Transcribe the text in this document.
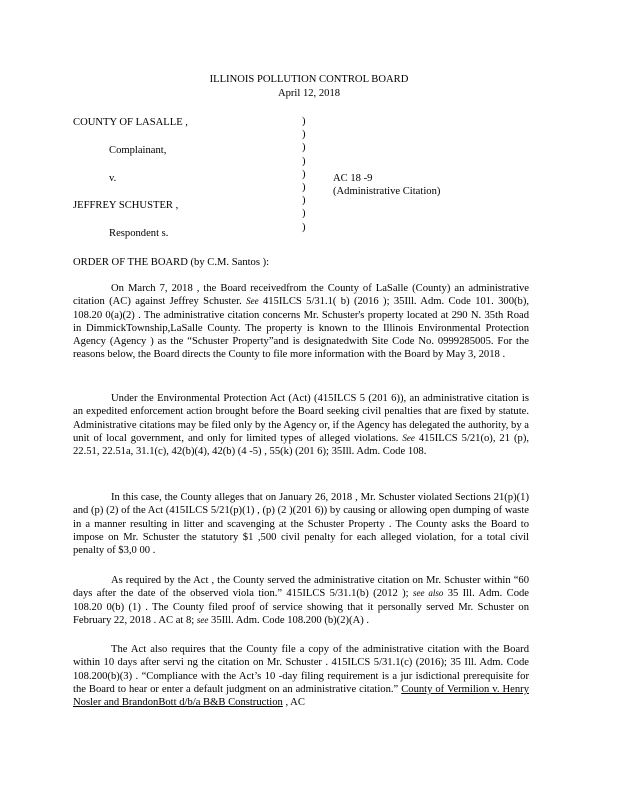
ILLINOIS POLLUTION CONTROL BOARD
April 12, 2018
COUNTY OF LASALLE ,
Complainant,
v.
JEFFREY SCHUSTER ,
Respondent s.
)
)
)
)
)
)
)
)
)
AC 18 -9
(Administrative Citation)
ORDER OF THE BOARD (by C.M. Santos ):

On March 7, 2018 , the Board receivedfrom the County of LaSalle (County) an administrative citation (AC) against Jeffrey Schuster. See 415ILCS 5/31.1( b) (2016 ); 35Ill. Adm. Code 101. 300(b), 108.20 0(a)(2) . The administrative citation concerns Mr. Schuster's property located at 290 N. 35th Road in DimmickTownship,LaSalle County. The property is known to the Illinois Environmental Protection Agency (Agency ) as the “Schuster Property”and is designatedwith Site Code No. 0999285005. For the reasons below, the Board directs the County to file more information with the Board by May 3, 2018 .

Under the Environmental Protection Act (Act) (415ILCS 5 (201 6)), an administrative citation is an expedited enforcement action brought before the Board seeking civil penalties that are fixed by statute. Administrative citations may be filed only by the Agency or, if the Agency has delegated the authority, by a unit of local government, and only for limited types of alleged violations. See 415ILCS 5/21(o), 21 (p), 22.51, 22.51a, 31.1(c), 42(b)(4), 42(b) (4 -5) , 55(k) (201 6); 35Ill. Adm. Code 108.

In this case, the County alleges that on January 26, 2018 , Mr. Schuster violated Sections 21(p)(1) and (p) (2) of the Act (415ILCS 5/21(p)(1) , (p) (2 )(201 6)) by causing or allowing open dumping of waste in a manner resulting in litter and scavenging at the Schuster Property . The County asks the Board to impose on Mr. Schuster the statutory $1 ,500 civil penalty for each alleged violation, for a total civil penalty of $3,0 00 .

As required by the Act , the County served the administrative citation on Mr. Schuster within “60 days after the date of the observed viola tion.” 415ILCS 5/31.1(b) (2012 ); see also 35 Ill. Adm. Code 108.20 0(b) (1) . The County filed proof of service showing that it personally served Mr. Schuster on February 22, 2018 . AC at 8; see 35Ill. Adm. Code 108.200 (b)(2)(A) .

The Act also requires that the County file a copy of the administrative citation with the Board within 10 days after servi ng the citation on Mr. Schuster . 415ILCS 5/31.1(c) (2016); 35 Ill. Adm. Code 108.200(b)(3) . “Compliance with the Act’s 10 -day filing requirement is a jur isdictional prerequisite for the Board to hear or enter a default judgment on an administrative citation.” County of Vermilion v. Henry Nosler and BrandonBott d/b/a B&B Construction , AC
